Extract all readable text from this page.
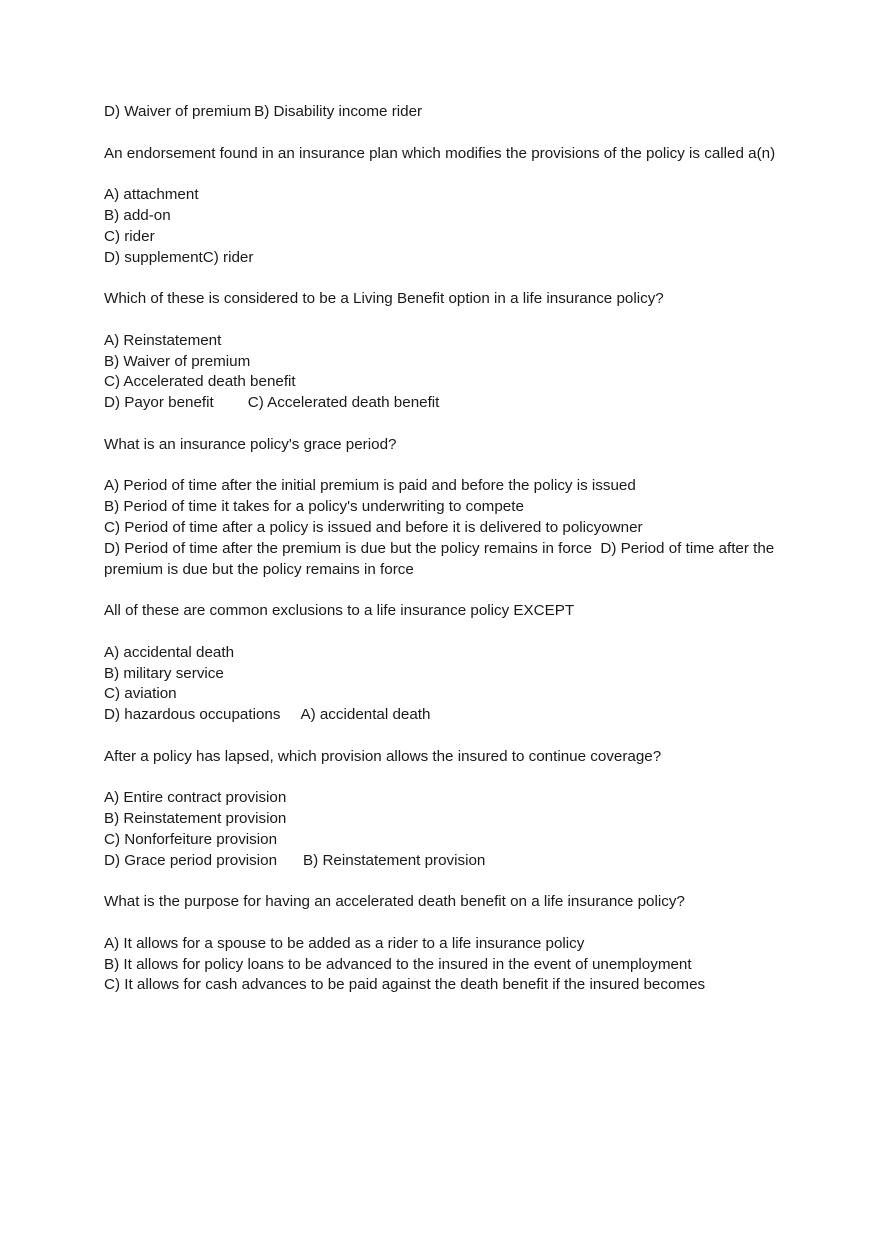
D) Waiver of premium B) Disability income rider

An endorsement found in an insurance plan which modifies the provisions of the policy is called a(n)

A) attachment

B) add-on

C) rider

D) supplementC) rider

Which of these is considered to be a Living Benefit option in a life insurance policy?

A) Reinstatement

B) Waiver of premium

C) Accelerated death benefit

D) Payor benefit C) Accelerated death benefit

What is an insurance policy's grace period?

A) Period of time after the initial premium is paid and before the policy is issued

B) Period of time it takes for a policy's underwriting to compete

C) Period of time after a policy is issued and before it is delivered to policyowner

D) Period of time after the premium is due but the policy remains in force D) Period of time after the premium is due but the policy remains in force

All of these are common exclusions to a life insurance policy EXCEPT

A) accidental death

B) military service

C) aviation

D) hazardous occupations A) accidental death

After a policy has lapsed, which provision allows the insured to continue coverage?

A) Entire contract provision

B) Reinstatement provision

C) Nonforfeiture provision

D) Grace period provision B) Reinstatement provision

What is the purpose for having an accelerated death benefit on a life insurance policy?

A) It allows for a spouse to be added as a rider to a life insurance policy

B) It allows for policy loans to be advanced to the insured in the event of unemployment

C) It allows for cash advances to be paid against the death benefit if the insured becomes
